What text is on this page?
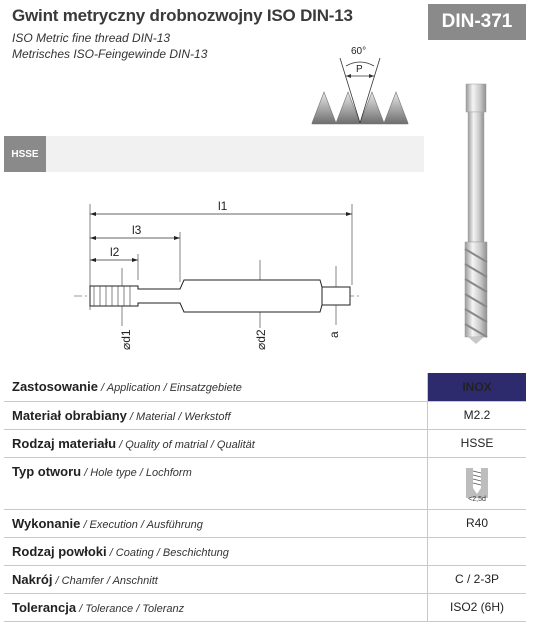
Gwint metryczny drobnozwojny ISO DIN-13
ISO Metric fine thread DIN-13
Metrisches ISO-Feingewinde DIN-13
DIN-371
60°
P
HSSE
l1
l3
l2
⌀d1	⌀d2	a
Zastosowanie / Application / Einsatzgebiete	INOX
Materiał obrabiany / Material / Werkstoff	M2.2
Rodzaj materiału / Quality of matrial / Qualität	HSSE
Typ otworu / Hole type / Lochform	<2,5d

Wykonanie / Execution / Ausführung	R40
Rodzaj powłoki / Coating / Beschichtung	
Nakrój / Chamfer / Anschnitt	C / 2-3P
Tolerancja / Tolerance / Toleranz	ISO2 (6H)
